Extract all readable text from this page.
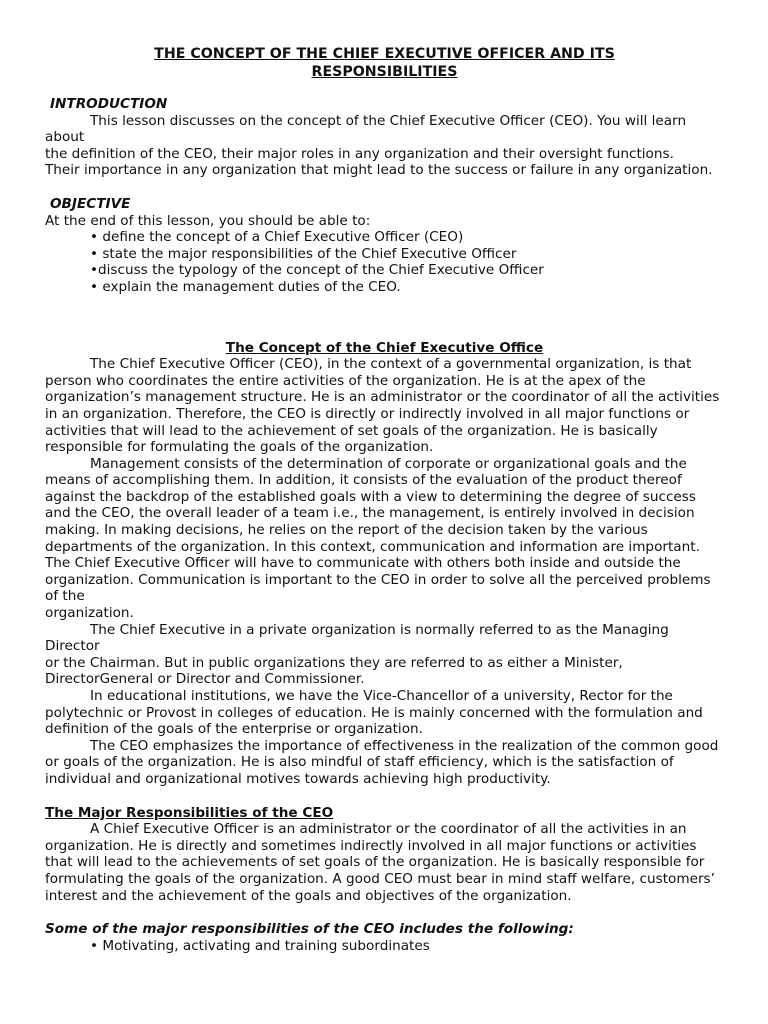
THE CONCEPT OF THE CHIEF EXECUTIVE OFFICER AND ITS
RESPONSIBILITIES

INTRODUCTION

This lesson discusses on the concept of the Chief Executive Officer (CEO). You will learn about

the definition of the CEO, their major roles in any organization and their oversight functions.

Their importance in any organization that might lead to the success or failure in any organization.

OBJECTIVE

At the end of this lesson, you should be able to:

• define the concept of a Chief Executive Officer (CEO)
• state the major responsibilities of the Chief Executive Officer
•discuss the typology of the concept of the Chief Executive Officer
• explain the management duties of the CEO.

The Concept of the Chief Executive Office

The Chief Executive Officer (CEO), in the context of a governmental organization, is that person who coordinates the entire activities of the organization. He is at the apex of the organization’s management structure. He is an administrator or the coordinator of all the activities in an organization. Therefore, the CEO is directly or indirectly involved in all major functions or activities that will lead to the achievement of set goals of the organization. He is basically responsible for formulating the goals of the organization.

Management consists of the determination of corporate or organizational goals and the means of accomplishing them. In addition, it consists of the evaluation of the product thereof against the backdrop of the established goals with a view to determining the degree of success and the CEO, the overall leader of a team i.e., the management, is entirely involved in decision making. In making decisions, he relies on the report of the decision taken by the various departments of the organization. In this context, communication and information are important. The Chief Executive Officer will have to communicate with others both inside and outside the organization. Communication is important to the CEO in order to solve all the perceived problems of the

organization.

The Chief Executive in a private organization is normally referred to as the Managing Director

or the Chairman. But in public organizations they are referred to as either a Minister, DirectorGeneral or Director and Commissioner.

In educational institutions, we have the Vice-Chancellor of a university, Rector for the polytechnic or Provost in colleges of education. He is mainly concerned with the formulation and definition of the goals of the enterprise or organization.

The CEO emphasizes the importance of effectiveness in the realization of the common good or goals of the organization. He is also mindful of staff efficiency, which is the satisfaction of individual and organizational motives towards achieving high productivity.

The Major Responsibilities of the CEO

A Chief Executive Officer is an administrator or the coordinator of all the activities in an organization. He is directly and sometimes indirectly involved in all major functions or activities that will lead to the achievements of set goals of the organization. He is basically responsible for formulating the goals of the organization. A good CEO must bear in mind staff welfare, customers’ interest and the achievement of the goals and objectives of the organization.

Some of the major responsibilities of the CEO includes the following:

• Motivating, activating and training subordinates
